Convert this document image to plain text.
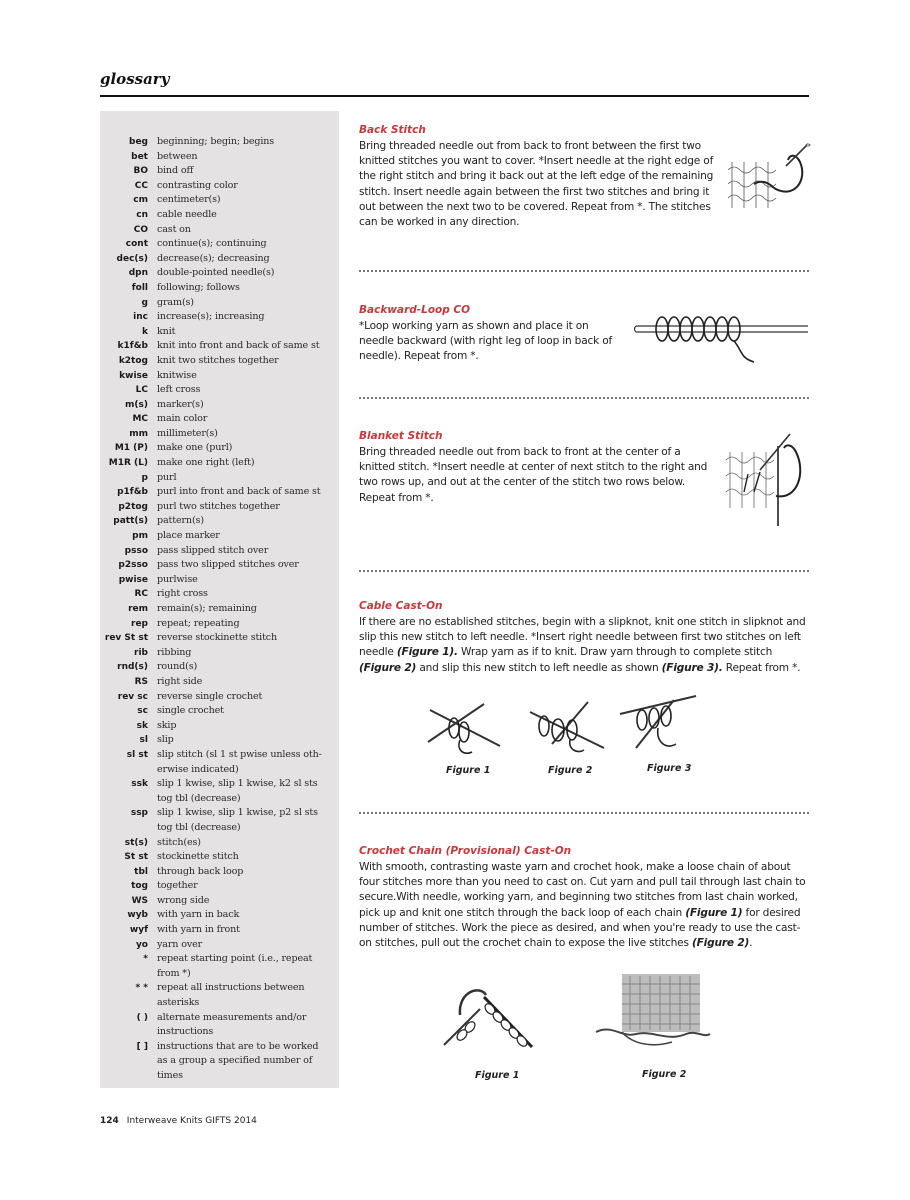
glossary
beg beginning; begin; begins
bet between
BO bind off
CC contrasting color
cm centimeter(s)
cn cable needle
CO cast on
cont continue(s); continuing
dec(s) decrease(s); decreasing
dpn double-pointed needle(s)
foll following; follows
g gram(s)
inc increase(s); increasing
k knit
k1f&b knit into front and back of same st
k2tog knit two stitches together
kwise knitwise
LC left cross
m(s) marker(s)
MC main color
mm millimeter(s)
M1 (P) make one (purl)
M1R (L) make one right (left)
p purl
p1f&b purl into front and back of same st
p2tog purl two stitches together
patt(s) pattern(s)
pm place marker
psso pass slipped stitch over
p2sso pass two slipped stitches over
pwise purlwise
RC right cross
rem remain(s); remaining
rep repeat; repeating
rev St st reverse stockinette stitch
rib ribbing
rnd(s) round(s)
RS right side
rev sc reverse single crochet
sc single crochet
sk skip
sl slip
sl st slip stitch (sl 1 st pwise unless oth- erwise indicated)
ssk slip 1 kwise, slip 1 kwise, k2 sl sts tog tbl (decrease)
ssp slip 1 kwise, slip 1 kwise, p2 sl sts tog tbl (decrease)
st(s) stitch(es)
St st stockinette stitch
tbl through back loop
tog together
WS wrong side
wyb with yarn in back
wyf with yarn in front
yo yarn over
* repeat starting point (i.e., repeat from *)
* * repeat all instructions between asterisks
( ) alternate measurements and/or instructions
[ ] instructions that are to be worked as a group a specified number of times
Back Stitch
Bring threaded needle out from back to front between the first two knitted stitches you want to cover. *Insert needle at the right edge of the right stitch and bring it back out at the left edge of the remaining stitch. Insert needle again between the first two stitches and bring it out between the next two to be covered. Repeat from *. The stitches can be worked in any direction.
Backward-Loop CO
*Loop working yarn as shown and place it on needle backward (with right leg of loop in back of needle). Repeat from *.
Blanket Stitch
Bring threaded needle out from back to front at the center of a knitted stitch. *Insert needle at center of next stitch to the right and two rows up, and out at the center of the stitch two rows below. Repeat from *.
Cable Cast-On
If there are no established stitches, begin with a slipknot, knit one stitch in slipknot and slip this new stitch to left needle. *Insert right needle between first two stitches on left needle (Figure 1). Wrap yarn as if to knit. Draw yarn through to complete stitch (Figure 2) and slip this new stitch to left needle as shown (Figure 3). Repeat from *.
Figure 1	Figure 2	Figure 3
Crochet Chain (Provisional) Cast-On
With smooth, contrasting waste yarn and crochet hook, make a loose chain of about four stitches more than you need to cast on. Cut yarn and pull tail through last chain to secure.With needle, working yarn, and beginning two stitches from last chain worked, pick up and knit one stitch through the back loop of each chain (Figure 1) for desired number of stitches. Work the piece as desired, and when you're ready to use the cast-on stitches, pull out the crochet chain to expose the live stitches (Figure 2).
Figure 1	Figure 2
124 Interweave Knits GIFTS 2014
